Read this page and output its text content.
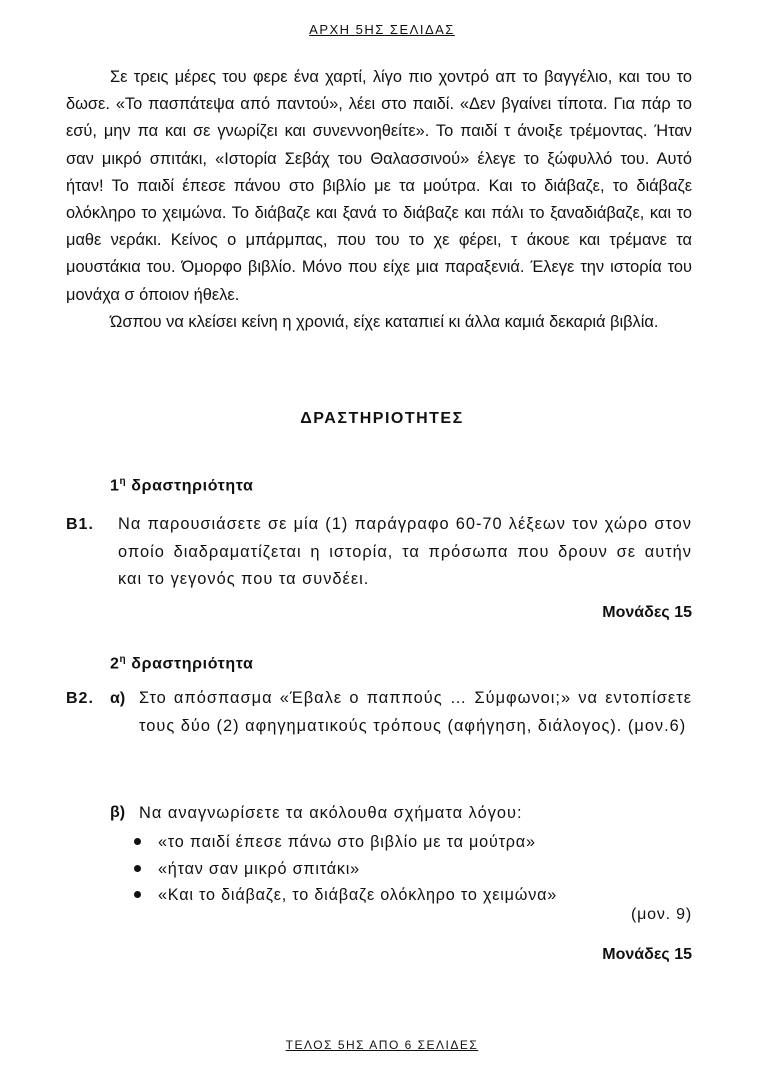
ΑΡΧΗ 5ΗΣ ΣΕΛΙΔΑΣ

Σε τρεις μέρες του φερε ένα χαρτί, λίγο πιο χοντρό απ το βαγγέλιο, και του το δωσε. «Το πασπάτεψα από παντού», λέει στο παιδί. «Δεν βγαίνει τίποτα. Για πάρ το εσύ, μην πα και σε γνωρίζει και συνεννοηθείτε». Το παιδί τ άνοιξε τρέμοντας. Ήταν σαν μικρό σπιτάκι, «Ιστορία Σεβάχ του Θαλασσινού» έλεγε το ξώφυλλό του. Αυτό ήταν! Το παιδί έπεσε πάνου στο βιβλίο με τα μούτρα. Και το διάβαζε, το διάβαζε ολόκληρο το χειμώνα. Το διάβαζε και ξανά το διάβαζε και πάλι το ξαναδιάβαζε, και το μαθε νεράκι. Κείνος ο μπάρμπας, που του το χε φέρει, τ άκουε και τρέμανε τα μουστάκια του. Όμορφο βιβλίο. Μόνο που είχε μια παραξενιά. Έλεγε την ιστορία του μονάχα σ όποιον ήθελε.

Ώσπου να κλείσει κείνη η χρονιά, είχε καταπιεί κι άλλα καμιά δεκαριά βιβλία.

ΔΡΑΣΤΗΡΙΟΤΗΤΕΣ
$1^\eta$ δραστηριότητα
Β1. Να παρουσιάσετε σε μία (1) παράγραφο 60-70 λέξεων τον χώρο στον οποίο διαδραματίζεται η ιστορία, τα πρόσωπα που δρουν σε αυτήν και το γεγονός που τα συνδέει.
Μονάδες 15
$2^\eta$ δραστηριότητα
Β2. α) Στο απόσπασμα «Έβαλε ο παππούς … Σύμφωνοι;» να εντοπίσετε τους δύο (2) αφηγηματικούς τρόπους (αφήγηση, διάλογος). (μον.6)
β) Να αναγνωρίσετε τα ακόλουθα σχήματα λόγου:
«το παιδί έπεσε πάνω στο βιβλίο με τα μούτρα»
«ήταν σαν μικρό σπιτάκι»
«Και το διάβαζε, το διάβαζε ολόκληρο το χειμώνα»
(μον. 9)
Μονάδες 15
ΤΕΛΟΣ 5ΗΣ ΑΠΟ 6 ΣΕΛΙΔΕΣ
